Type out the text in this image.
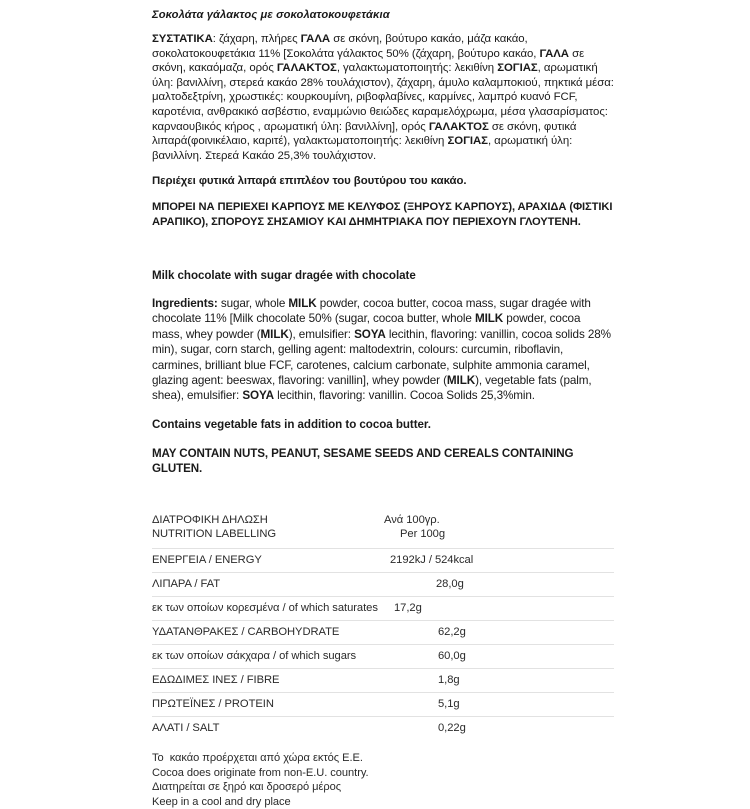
Σοκολάτα γάλακτος με σοκολατοκουφετάκια

ΣΥΣΤΑΤΙΚΑ: ζάχαρη, πλήρες ΓΑΛΑ σε σκόνη, βούτυρο κακάο, μάζα κακάο, σοκολατοκουφετάκια 11% [Σοκολάτα γάλακτος 50% (ζάχαρη, βούτυρο κακάο, ΓΑΛΑ σε σκόνη, κακαόμαζα, ορός ΓΑΛΑΚΤΟΣ, γαλακτωματοποιητής: λεκιθίνη ΣΟΓΙΑΣ, αρωματική ύλη: βανιλλίνη, στερεά κακάο 28% τουλάχιστον), ζάχαρη, άμυλο καλαμποκιού, πηκτικά μέσα: μαλτοδεξτρίνη, χρωστικές: κουρκουμίνη, ριβοφλαβίνες, καρμίνες, λαμπρό κυανό FCF, καροτένια, ανθρακικό ασβέστιο, εναμμώνιο θειώδες καραμελόχρωμα, μέσα γλασαρίσματος: καρναουβικός κήρος , αρωματική ύλη: βανιλλίνη], ορός ΓΑΛΑΚΤΟΣ σε σκόνη, φυτικά λιπαρά(φοινικέλαιο, καριτέ), γαλακτωματοποιητής: λεκιθίνη ΣΟΓΙΑΣ, αρωματική ύλη: βανιλλίνη. Στερεά Κακάο 25,3% τουλάχιστον.

Περιέχει φυτικά λιπαρά επιπλέον του βουτύρου του κακάο.

ΜΠΟΡΕΙ ΝΑ ΠΕΡΙΕΧΕΙ ΚΑΡΠΟΥΣ ΜΕ ΚΕΛΥΦΟΣ (ΞΗΡΟΥΣ ΚΑΡΠΟΥΣ), ΑΡΑΧΙΔΑ (ΦΙΣΤΙΚΙ ΑΡΑΠΙΚΟ), ΣΠΟΡΟΥΣ ΣΗΣΑΜΙΟΥ ΚΑΙ ΔΗΜΗΤΡΙΑΚΑ ΠΟΥ ΠΕΡΙΕΧΟΥΝ ΓΛΟΥΤΕΝΗ.

Milk chocolate with sugar dragée with chocolate

Ingredients: sugar, whole MILK powder, cocoa butter, cocoa mass, sugar dragée with chocolate 11% [Milk chocolate 50% (sugar, cocoa butter, whole MILK powder, cocoa mass, whey powder (MILK), emulsifier: SOYA lecithin, flavoring: vanillin, cocoa solids 28% min), sugar, corn starch, gelling agent: maltodextrin, colours: curcumin, riboflavin, carmines, brilliant blue FCF, carotenes, calcium carbonate, sulphite ammonia caramel, glazing agent: beeswax, flavoring: vanillin], whey powder (MILK), vegetable fats (palm, shea), emulsifier: SOYA lecithin, flavoring: vanillin. Cocoa Solids 25,3%min.

Contains vegetable fats in addition to cocoa butter.

MAY CONTAIN NUTS, PEANUT, SESAME SEEDS AND CEREALS CONTAINING GLUTEN.

ΔΙΑΤΡΟΦΙΚΗ ΔΗΛΩΣΗ
NUTRITION LABELLING	Ανά 100γρ.
Per 100g

ΕΝΕΡΓΕΙΑ / ENERGY	2192kJ / 524kcal
ΛΙΠΑΡΑ / FAT	28,0g
εκ των οποίων κορεσμένα / of which saturates	17,2g
ΥΔΑΤΑΝΘΡΑΚΕΣ / CARBOHYDRATE	62,2g
εκ των οποίων σάκχαρα / of which sugars	60,0g
ΕΔΩΔΙΜΕΣ ΙΝΕΣ / FIBRE	1,8g
ΠΡΩΤΕΪΝΕΣ / PROTEIN	5,1g
ΑΛΑΤΙ / SALT	0,22g
Το  κακάο προέρχεται από χώρα εκτός Ε.Ε.
Cocoa does originate from non-E.U. country.
Διατηρείται σε ξηρό και δροσερό μέρος
Keep in a cool and dry place
